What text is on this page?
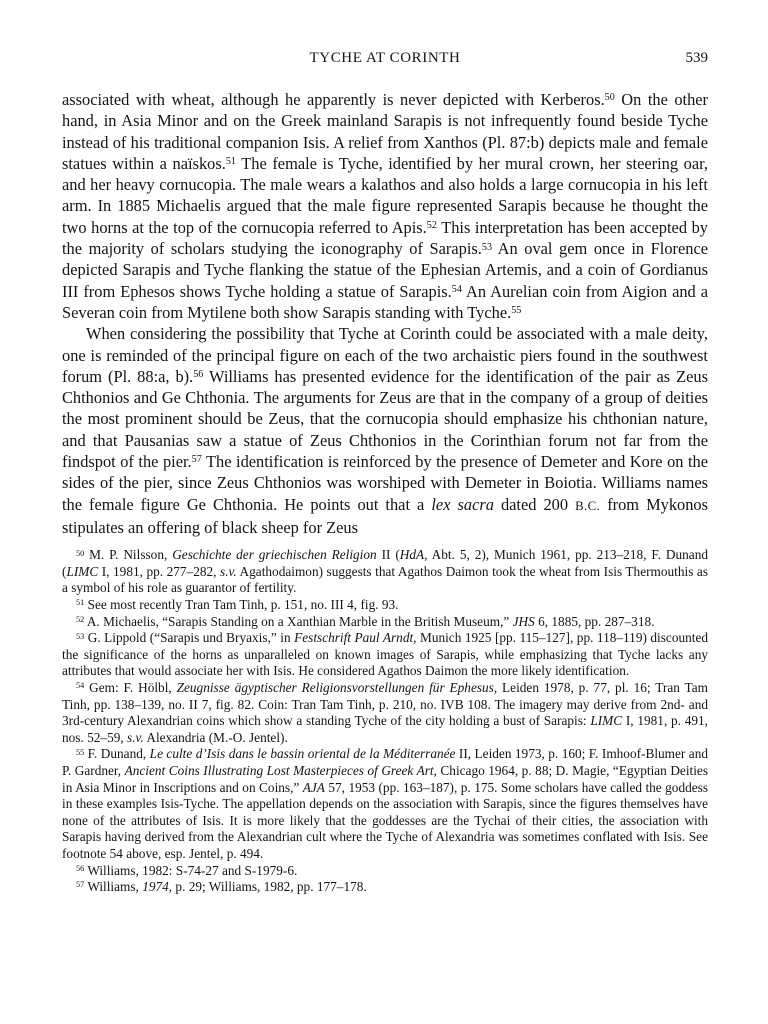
TYCHE AT CORINTH	539

associated with wheat, although he apparently is never depicted with Kerberos.$^{50}$ On the other hand, in Asia Minor and on the Greek mainland Sarapis is not infrequently found beside Tyche instead of his traditional companion Isis. A relief from Xanthos (Pl. 87:b) depicts male and female statues within a naïskos.$^{51}$ The female is Tyche, identified by her mural crown, her steering oar, and her heavy cornucopia. The male wears a kalathos and also holds a large cornucopia in his left arm. In 1885 Michaelis argued that the male figure represented Sarapis because he thought the two horns at the top of the cornucopia referred to Apis.$^{52}$ This interpretation has been accepted by the majority of scholars studying the iconography of Sarapis.$^{53}$ An oval gem once in Florence depicted Sarapis and Tyche flanking the statue of the Ephesian Artemis, and a coin of Gordianus III from Ephesos shows Tyche holding a statue of Sarapis.$^{54}$ An Aurelian coin from Aigion and a Severan coin from Mytilene both show Sarapis standing with Tyche.$^{55}$

When considering the possibility that Tyche at Corinth could be associated with a male deity, one is reminded of the principal figure on each of the two archaistic piers found in the southwest forum (Pl. 88:a, b).$^{56}$ Williams has presented evidence for the identification of the pair as Zeus Chthonios and Ge Chthonia. The arguments for Zeus are that in the company of a group of deities the most prominent should be Zeus, that the cornucopia should emphasize his chthonian nature, and that Pausanias saw a statue of Zeus Chthonios in the Corinthian forum not far from the findspot of the pier.$^{57}$ The identification is reinforced by the presence of Demeter and Kore on the sides of the pier, since Zeus Chthonios was worshiped with Demeter in Boiotia. Williams names the female figure Ge Chthonia. He points out that a lex sacra dated 200 B.C. from Mykonos stipulates an offering of black sheep for Zeus

$^{50}$ M. P. Nilsson, Geschichte der griechischen Religion II (HdA, Abt. 5, 2), Munich 1961, pp. 213–218, F. Dunand (LIMC I, 1981, pp. 277–282, s.v. Agathodaimon) suggests that Agathos Daimon took the wheat from Isis Thermouthis as a symbol of his role as guarantor of fertility.

$^{51}$ See most recently Tran Tam Tinh, p. 151, no. III 4, fig. 93.

$^{52}$ A. Michaelis, “Sarapis Standing on a Xanthian Marble in the British Museum,” JHS 6, 1885, pp. 287–318.

$^{53}$ G. Lippold (“Sarapis und Bryaxis,” in Festschrift Paul Arndt, Munich 1925 [pp. 115–127], pp. 118–119) discounted the significance of the horns as unparalleled on known images of Sarapis, while emphasizing that Tyche lacks any attributes that would associate her with Isis. He considered Agathos Daimon the more likely identification.

$^{54}$ Gem: F. Hölbl, Zeugnisse ägyptischer Religionsvorstellungen für Ephesus, Leiden 1978, p. 77, pl. 16; Tran Tam Tinh, pp. 138–139, no. II 7, fig. 82. Coin: Tran Tam Tinh, p. 210, no. IVB 108. The imagery may derive from 2nd- and 3rd-century Alexandrian coins which show a standing Tyche of the city holding a bust of Sarapis: LIMC I, 1981, p. 491, nos. 52–59, s.v. Alexandria (M.-O. Jentel).

$^{55}$ F. Dunand, Le culte d’Isis dans le bassin oriental de la Méditerranée II, Leiden 1973, p. 160; F. Imhoof-Blumer and P. Gardner, Ancient Coins Illustrating Lost Masterpieces of Greek Art, Chicago 1964, p. 88; D. Magie, “Egyptian Deities in Asia Minor in Inscriptions and on Coins,” AJA 57, 1953 (pp. 163–187), p. 175. Some scholars have called the goddess in these examples Isis-Tyche. The appellation depends on the association with Sarapis, since the figures themselves have none of the attributes of Isis. It is more likely that the goddesses are the Tychai of their cities, the association with Sarapis having derived from the Alexandrian cult where the Tyche of Alexandria was sometimes conflated with Isis. See footnote 54 above, esp. Jentel, p. 494.

$^{56}$ Williams, 1982: S-74-27 and S-1979-6.

$^{57}$ Williams, 1974, p. 29; Williams, 1982, pp. 177–178.
